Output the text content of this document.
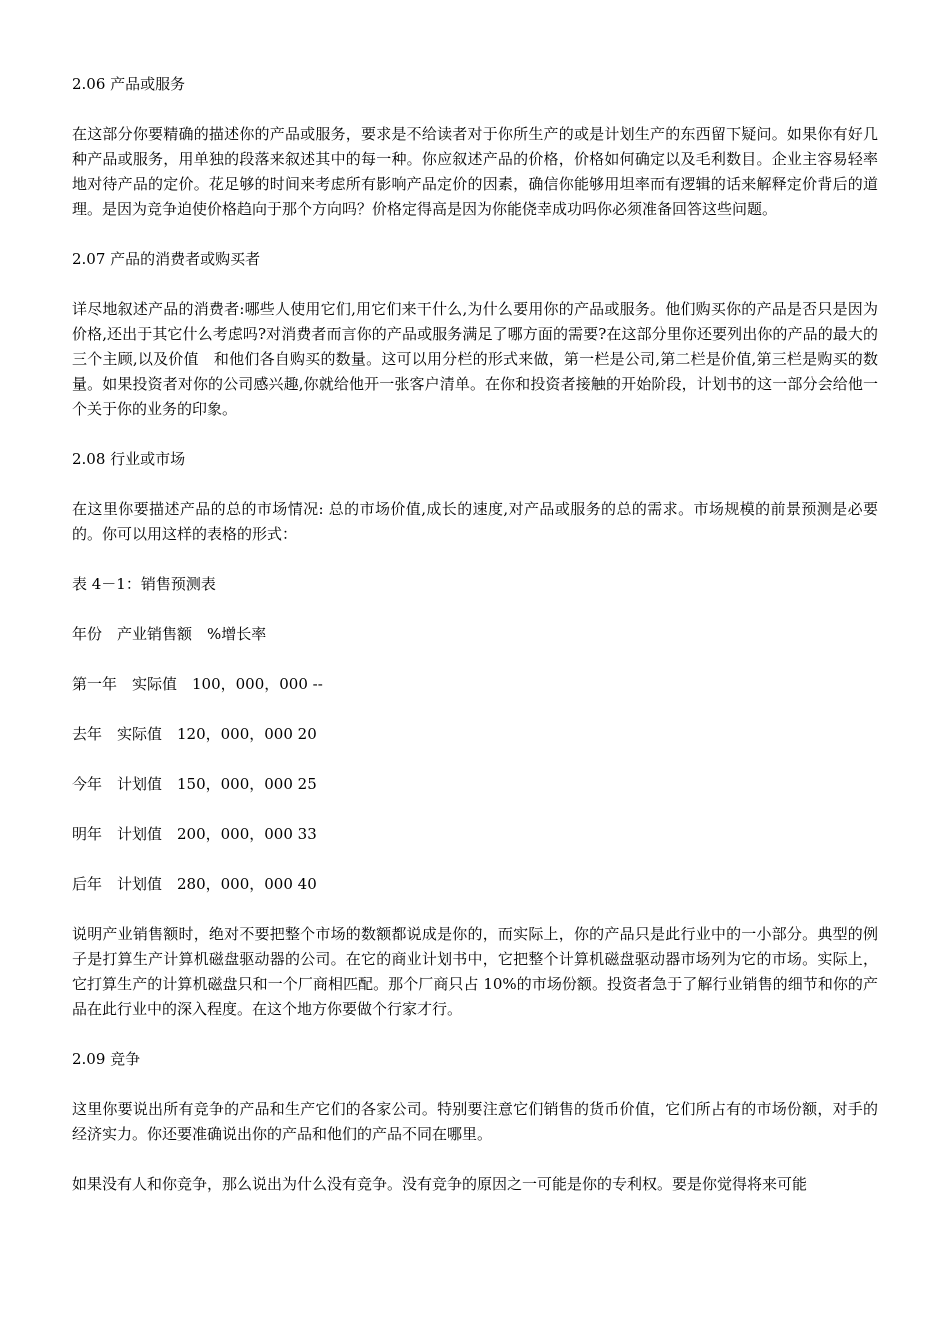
2.06 产品或服务

在这部分你要精确的描述你的产品或服务，要求是不给读者对于你所生产的或是计划生产的东西留下疑问。如果你有好几种产品或服务，用单独的段落来叙述其中的每一种。你应叙述产品的价格，价格如何确定以及毛利数目。企业主容易轻率地对待产品的定价。花足够的时间来考虑所有影响产品定价的因素，确信你能够用坦率而有逻辑的话来解释定价背后的道理。是因为竞争迫使价格趋向于那个方向吗？价格定得高是因为你能侥幸成功吗你必须准备回答这些问题。

2.07 产品的消费者或购买者

详尽地叙述产品的消费者:哪些人使用它们,用它们来干什么,为什么要用你的产品或服务。他们购买你的产品是否只是因为价格,还出于其它什么考虑吗?对消费者而言你的产品或服务满足了哪方面的需要?在这部分里你还要列出你的产品的最大的三个主顾,以及价值　和他们各自购买的数量。这可以用分栏的形式来做，第一栏是公司,第二栏是价值,第三栏是购买的数量。如果投资者对你的公司感兴趣,你就给他开一张客户清单。在你和投资者接触的开始阶段，计划书的这一部分会给他一个关于你的业务的印象。

2.08 行业或市场

在这里你要描述产品的总的市场情况: 总的市场价值,成长的速度,对产品或服务的总的需求。市场规模的前景预测是必要的。你可以用这样的表格的形式：

表 4－1：销售预测表

年份　产业销售额　%增长率

第一年　实际值　100，000，000 --

去年　实际值　120，000，000 20

今年　计划值　150，000，000 25

明年　计划值　200，000，000 33

后年　计划值　280，000，000 40

说明产业销售额时，绝对不要把整个市场的数额都说成是你的，而实际上，你的产品只是此行业中的一小部分。典型的例子是打算生产计算机磁盘驱动器的公司。在它的商业计划书中，它把整个计算机磁盘驱动器市场列为它的市场。实际上，它打算生产的计算机磁盘只和一个厂商相匹配。那个厂商只占 10%的市场份额。投资者急于了解行业销售的细节和你的产品在此行业中的深入程度。在这个地方你要做个行家才行。

2.09 竞争

这里你要说出所有竞争的产品和生产它们的各家公司。特别要注意它们销售的货币价值，它们所占有的市场份额，对手的经济实力。你还要准确说出你的产品和他们的产品不同在哪里。

如果没有人和你竞争，那么说出为什么没有竞争。没有竞争的原因之一可能是你的专利权。要是你觉得将来可能
